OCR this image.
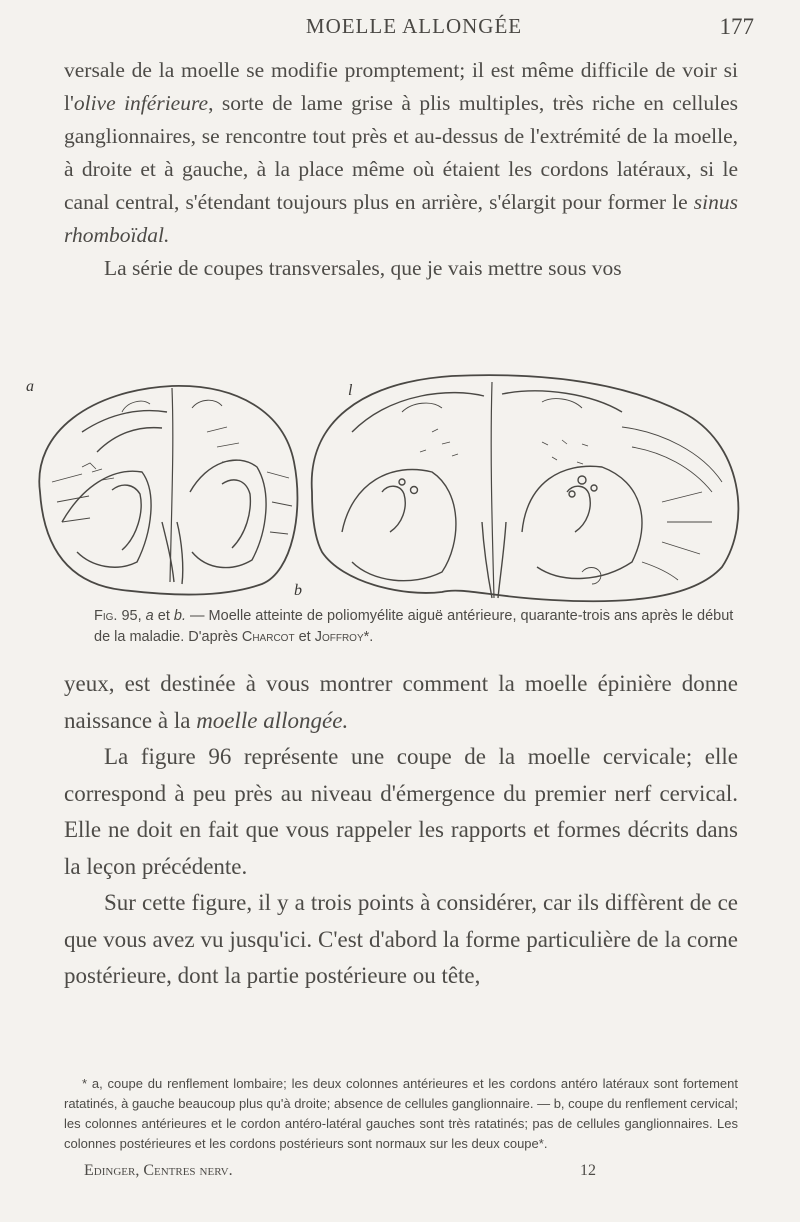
MOELLE ALLONGÉE	177

versale de la moelle se modifie promptement; il est même difficile de voir si l'olive inférieure, sorte de lame grise à plis multiples, très riche en cellules ganglionnaires, se rencontre tout près et au-dessus de l'extrémité de la moelle, à droite et à gauche, à la place même où étaient les cordons latéraux, si le canal central, s'étendant toujours plus en arrière, s'élargit pour former le sinus rhomboïdal.

La série de coupes transversales, que je vais mettre sous vos

a	l
b
Fig. 95, a et b. — Moelle atteinte de poliomyélite aiguë antérieure, quarante-trois ans après le début de la maladie. D'après Charcot et Joffroy*.

yeux, est destinée à vous montrer comment la moelle épinière donne naissance à la moelle allongée.

La figure 96 représente une coupe de la moelle cervicale; elle correspond à peu près au niveau d'émergence du premier nerf cervical. Elle ne doit en fait que vous rappeler les rapports et formes décrits dans la leçon précédente.

Sur cette figure, il y a trois points à considérer, car ils diffèrent de ce que vous avez vu jusqu'ici. C'est d'abord la forme particulière de la corne postérieure, dont la partie postérieure ou tête,

* a, coupe du renflement lombaire; les deux colonnes antérieures et les cordons antéro latéraux sont fortement ratatinés, à gauche beaucoup plus qu'à droite; absence de cellules ganglionnaire. — b, coupe du renflement cervical; les colonnes antérieures et le cordon antéro-latéral gauches sont très ratatinés; pas de cellules ganglionnaires. Les colonnes postérieures et les cordons postérieurs sont normaux sur les deux coupe*.

Edinger, Centres nerv.	12
